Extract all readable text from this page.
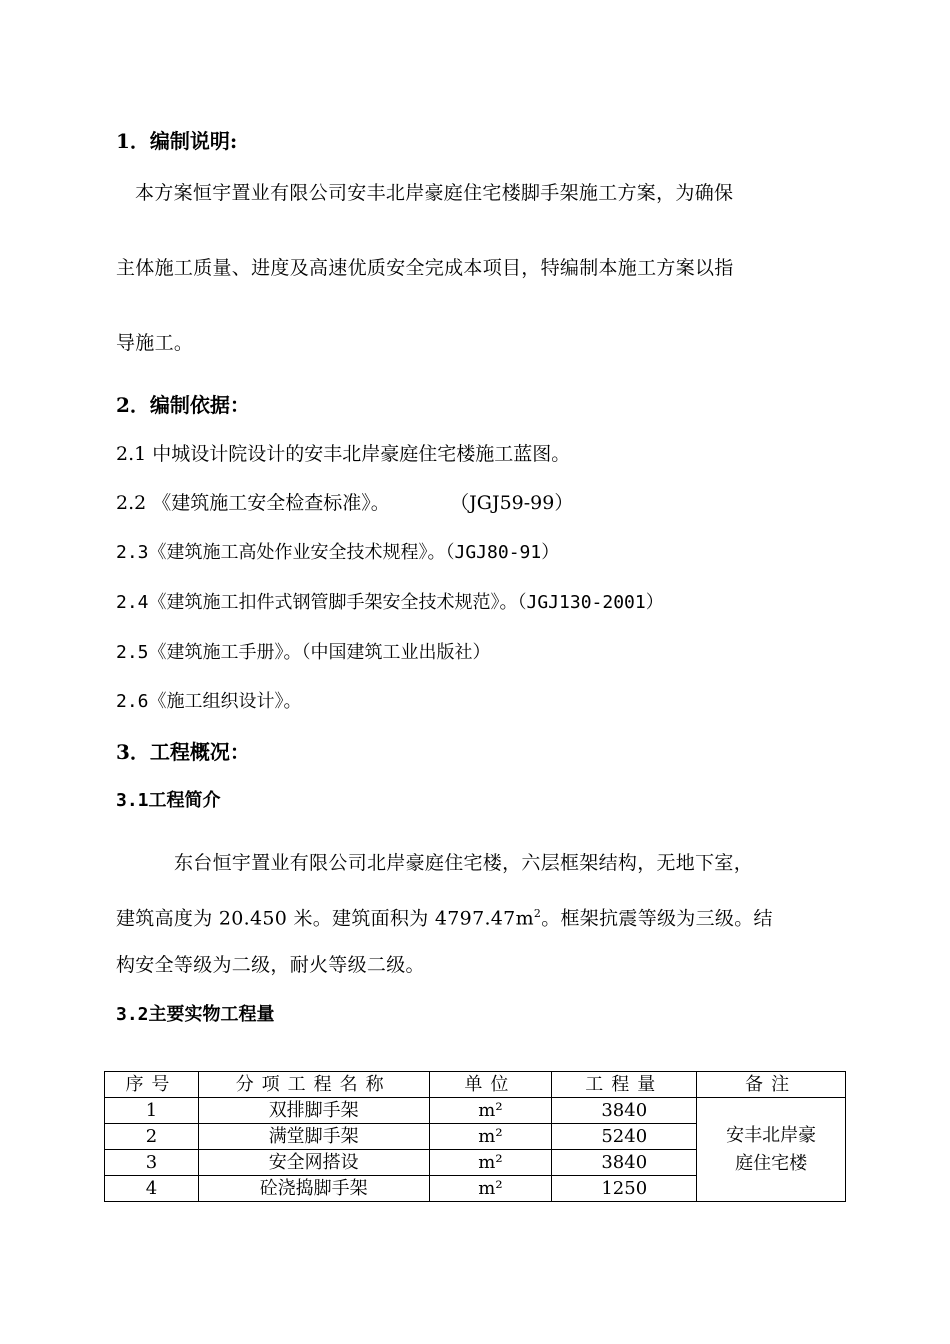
1．编制说明:
本方案恒宇置业有限公司安丰北岸豪庭住宅楼脚手架施工方案，为确保
主体施工质量、进度及高速优质安全完成本项目，特编制本施工方案以指
导施工。
2．编制依据：
2.1 中城设计院设计的安丰北岸豪庭住宅楼施工蓝图。
2.2 《建筑施工安全检查标准》。          （JGJ59-99）
2.3《建筑施工高处作业安全技术规程》。（JGJ80-91）
2.4《建筑施工扣件式钢管脚手架安全技术规范》。（JGJ130-2001）
2.5《建筑施工手册》。（中国建筑工业出版社）
2.6《施工组织设计》。
3．工程概况：
3.1工程简介
东台恒宇置业有限公司北岸豪庭住宅楼，六层框架结构，无地下室，
建筑高度为 20.450 米。建筑面积为 $4797.47m^2$。框架抗震等级为三级。结
构安全等级为二级，耐火等级二级。
3.2主要实物工程量
序号	分项工程名称	单位	工程量	备注
1	双排脚手架	m²	3840	安丰北岸豪
庭住宅楼

2	满堂脚手架	m²	5240	
3	安全网搭设	m²	3840	
4	砼浇捣脚手架	m²	1250	
